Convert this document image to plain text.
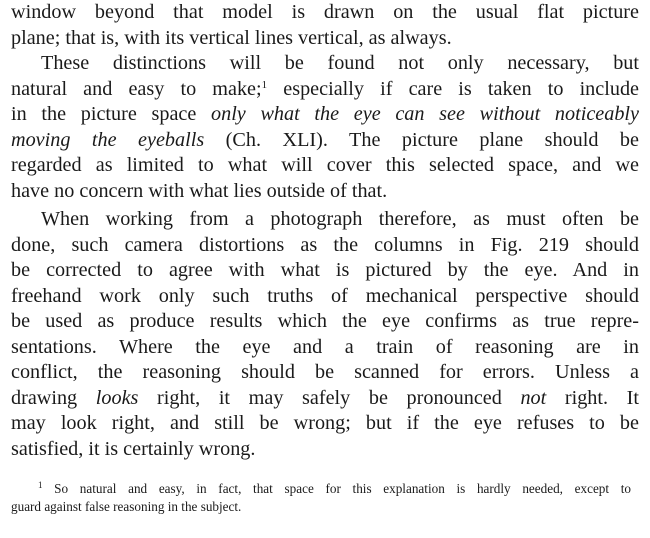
window beyond that model is drawn on the usual flat picture
plane; that is, with its vertical lines vertical, as always.
These distinctions will be found not only necessary, but
natural and easy to make;$^1$ especially if care is taken to include
in the picture space only what the eye can see without noticeably
moving the eyeballs (Ch. XLI). The picture plane should be
regarded as limited to what will cover this selected space, and we
have no concern with what lies outside of that.
When working from a photograph therefore, as must often be
done, such camera distortions as the columns in Fig. 219 should
be corrected to agree with what is pictured by the eye. And in
freehand work only such truths of mechanical perspective should
be used as produce results which the eye confirms as true repre-
sentations. Where the eye and a train of reasoning are in
conflict, the reasoning should be scanned for errors. Unless a
drawing looks right, it may safely be pronounced not right. It
may look right, and still be wrong; but if the eye refuses to be
satisfied, it is certainly wrong.
$^1$ So natural and easy, in fact, that space for this explanation is hardly needed, except to
guard against false reasoning in the subject.
